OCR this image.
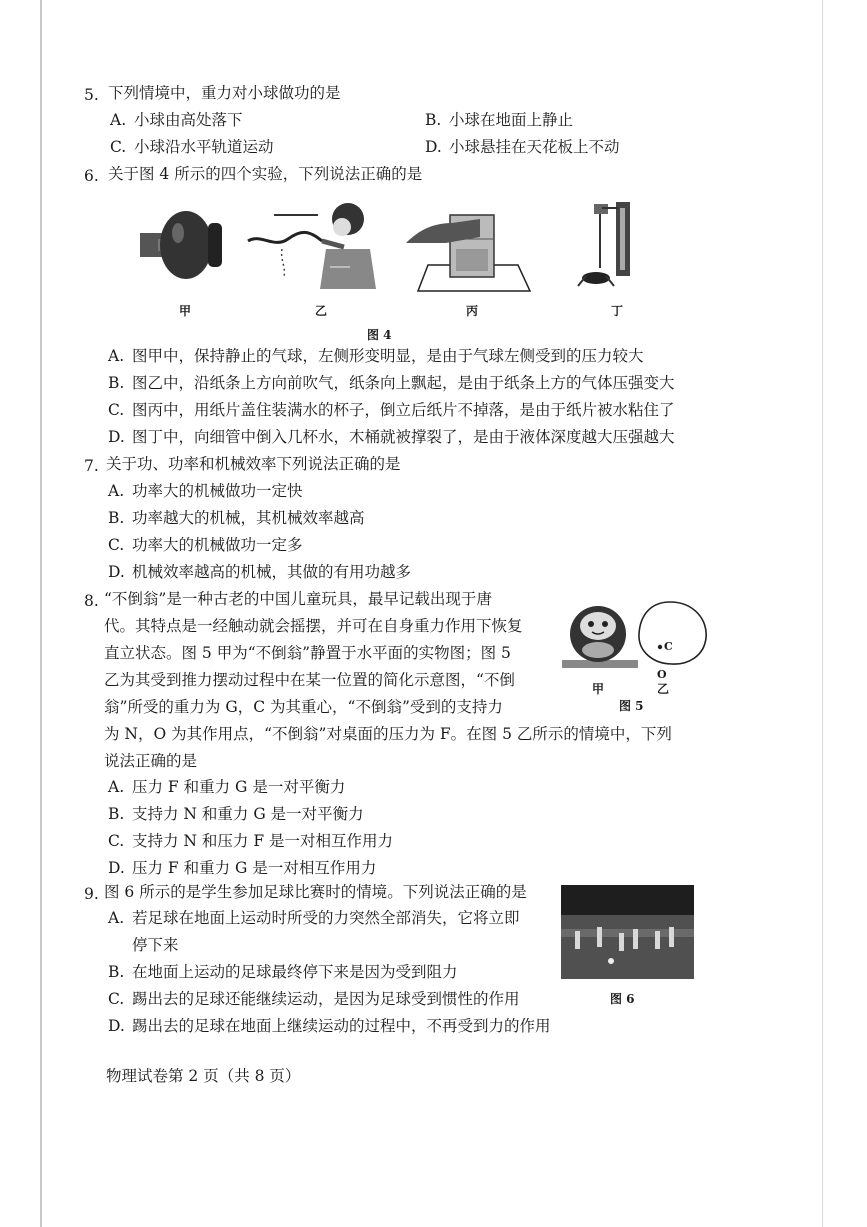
5. 下列情境中，重力对小球做功的是
A. 小球由高处落下	B. 小球在地面上静止
C. 小球沿水平轨道运动	D. 小球悬挂在天花板上不动
6. 关于图 4 所示的四个实验，下列说法正确的是
甲	乙	丙	丁
图 4
A. 图甲中，保持静止的气球，左侧形变明显，是由于气球左侧受到的压力较大
B. 图乙中，沿纸条上方向前吹气，纸条向上飘起，是由于纸条上方的气体压强变大
C. 图丙中，用纸片盖住装满水的杯子，倒立后纸片不掉落，是由于纸片被水粘住了
D. 图丁中，向细管中倒入几杯水，木桶就被撑裂了，是由于液体深度越大压强越大
7. 关于功、功率和机械效率下列说法正确的是
A. 功率大的机械做功一定快
B. 功率越大的机械，其机械效率越高
C. 功率大的机械做功一定多
D. 机械效率越高的机械，其做的有用功越多
8. “不倒翁”是一种古老的中国儿童玩具，最早记载出现于唐
代。其特点是一经触动就会摇摆，并可在自身重力作用下恢复
直立状态。图 5 甲为“不倒翁”静置于水平面的实物图；图 5
乙为其受到推力摆动过程中在某一位置的简化示意图，“不倒
翁”所受的重力为 G，C 为其重心，“不倒翁”受到的支持力
为 N，O 为其作用点，“不倒翁”对桌面的压力为 F。在图 5 乙所示的情境中，下列
说法正确的是
C
O
甲	乙
图 5
A. 压力 F 和重力 G 是一对平衡力
B. 支持力 N 和重力 G 是一对平衡力
C. 支持力 N 和压力 F 是一对相互作用力
D. 压力 F 和重力 G 是一对相互作用力
9. 图 6 所示的是学生参加足球比赛时的情境。下列说法正确的是
图 6
A. 若足球在地面上运动时所受的力突然全部消失，它将立即
停下来
B. 在地面上运动的足球最终停下来是因为受到阻力
C. 踢出去的足球还能继续运动，是因为足球受到惯性的作用
D. 踢出去的足球在地面上继续运动的过程中，不再受到力的作用
物理试卷第 2 页（共 8 页）
